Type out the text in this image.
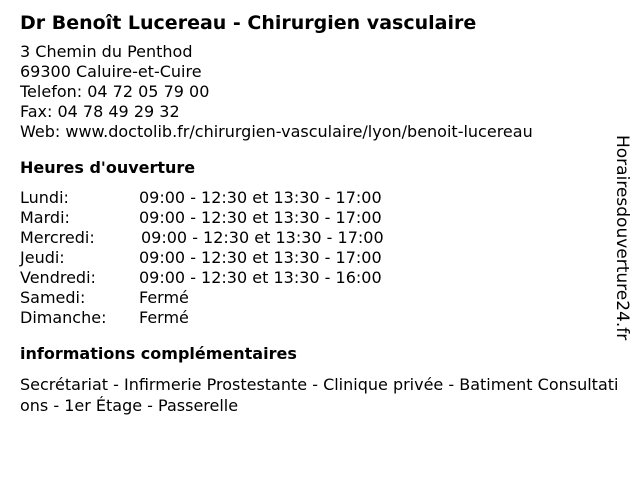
Dr Benoît Lucereau - Chirurgien vasculaire
3 Chemin du Penthod
69300 Caluire-et-Cuire
Telefon: 04 72 05 79 00
Fax: 04 78 49 29 32
Web: www.doctolib.fr/chirurgien-vasculaire/lyon/benoit-lucereau
Heures d'ouverture
Lundi:	09:00 - 12:30 et 13:30 - 17:00
Mardi:	09:00 - 12:30 et 13:30 - 17:00
Mercredi:	09:00 - 12:30 et 13:30 - 17:00
Jeudi:	09:00 - 12:30 et 13:30 - 17:00
Vendredi:	09:00 - 12:30 et 13:30 - 16:00
Samedi:	Fermé
Dimanche:	Fermé
informations complémentaires
Secrétariat - Infirmerie Prostestante - Clinique privée - Batiment Consultations - 1er Étage - Passerelle
Horairesdouverture24.fr
